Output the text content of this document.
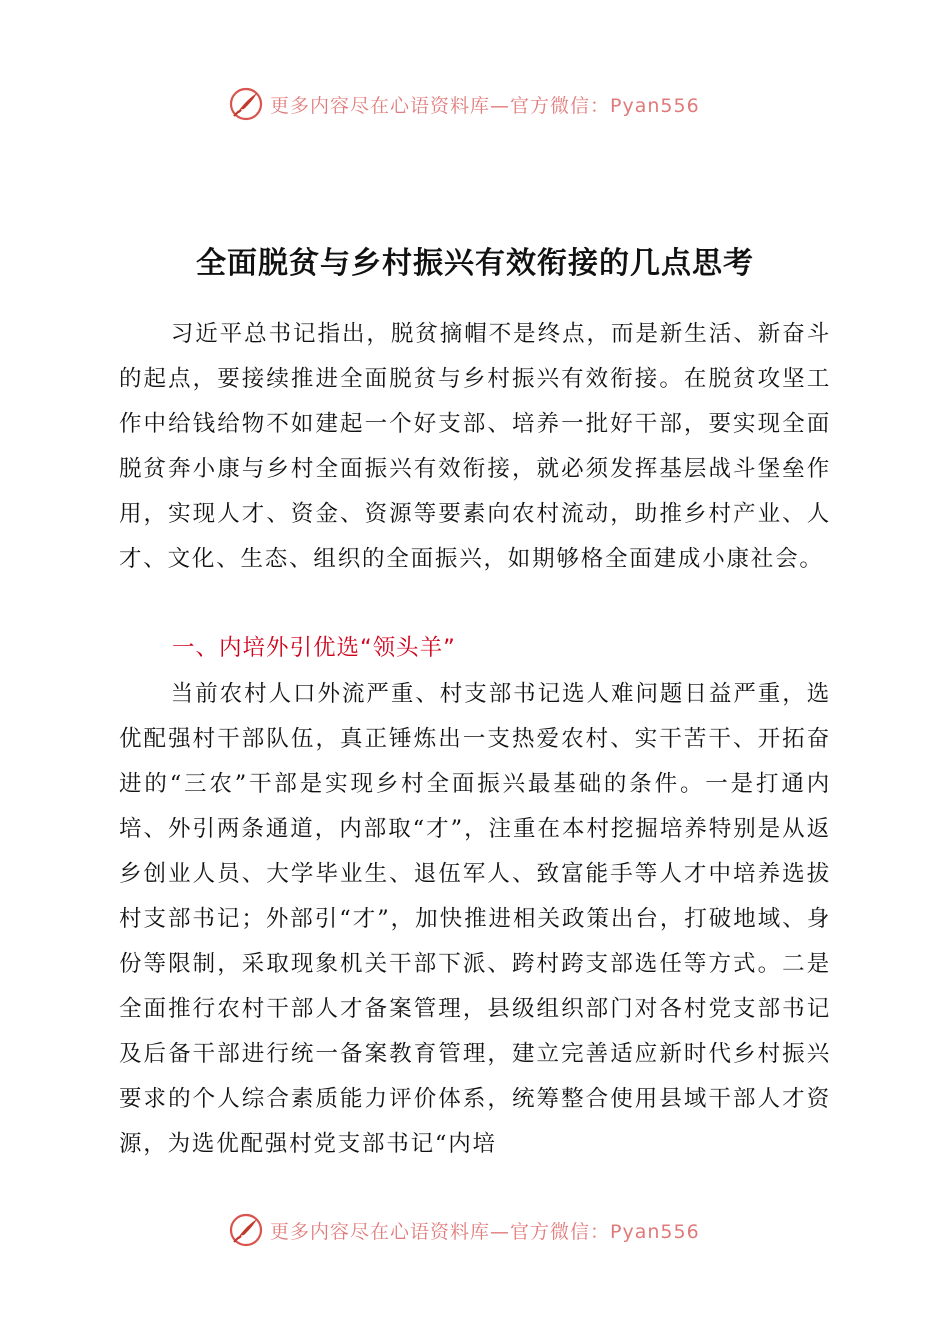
更多内容尽在心语资料库—官方微信：Pyan556
全面脱贫与乡村振兴有效衔接的几点思考

习近平总书记指出，脱贫摘帽不是终点，而是新生活、新奋斗的起点，要接续推进全面脱贫与乡村振兴有效衔接。在脱贫攻坚工作中给钱给物不如建起一个好支部、培养一批好干部，要实现全面脱贫奔小康与乡村全面振兴有效衔接，就必须发挥基层战斗堡垒作用，实现人才、资金、资源等要素向农村流动，助推乡村产业、人才、文化、生态、组织的全面振兴，如期够格全面建成小康社会。

一、内培外引优选“领头羊”

当前农村人口外流严重、村支部书记选人难问题日益严重，选优配强村干部队伍，真正锤炼出一支热爱农村、实干苦干、开拓奋进的“三农”干部是实现乡村全面振兴最基础的条件。一是打通内培、外引两条通道，内部取“才”，注重在本村挖掘培养特别是从返乡创业人员、大学毕业生、退伍军人、致富能手等人才中培养选拔村支部书记；外部引“才”，加快推进相关政策出台，打破地域、身份等限制，采取现象机关干部下派、跨村跨支部选任等方式。二是全面推行农村干部人才备案管理，县级组织部门对各村党支部书记及后备干部进行统一备案教育管理，建立完善适应新时代乡村振兴要求的个人综合素质能力评价体系，统筹整合使用县域干部人才资源，为选优配强村党支部书记“内培

更多内容尽在心语资料库—官方微信：Pyan556
